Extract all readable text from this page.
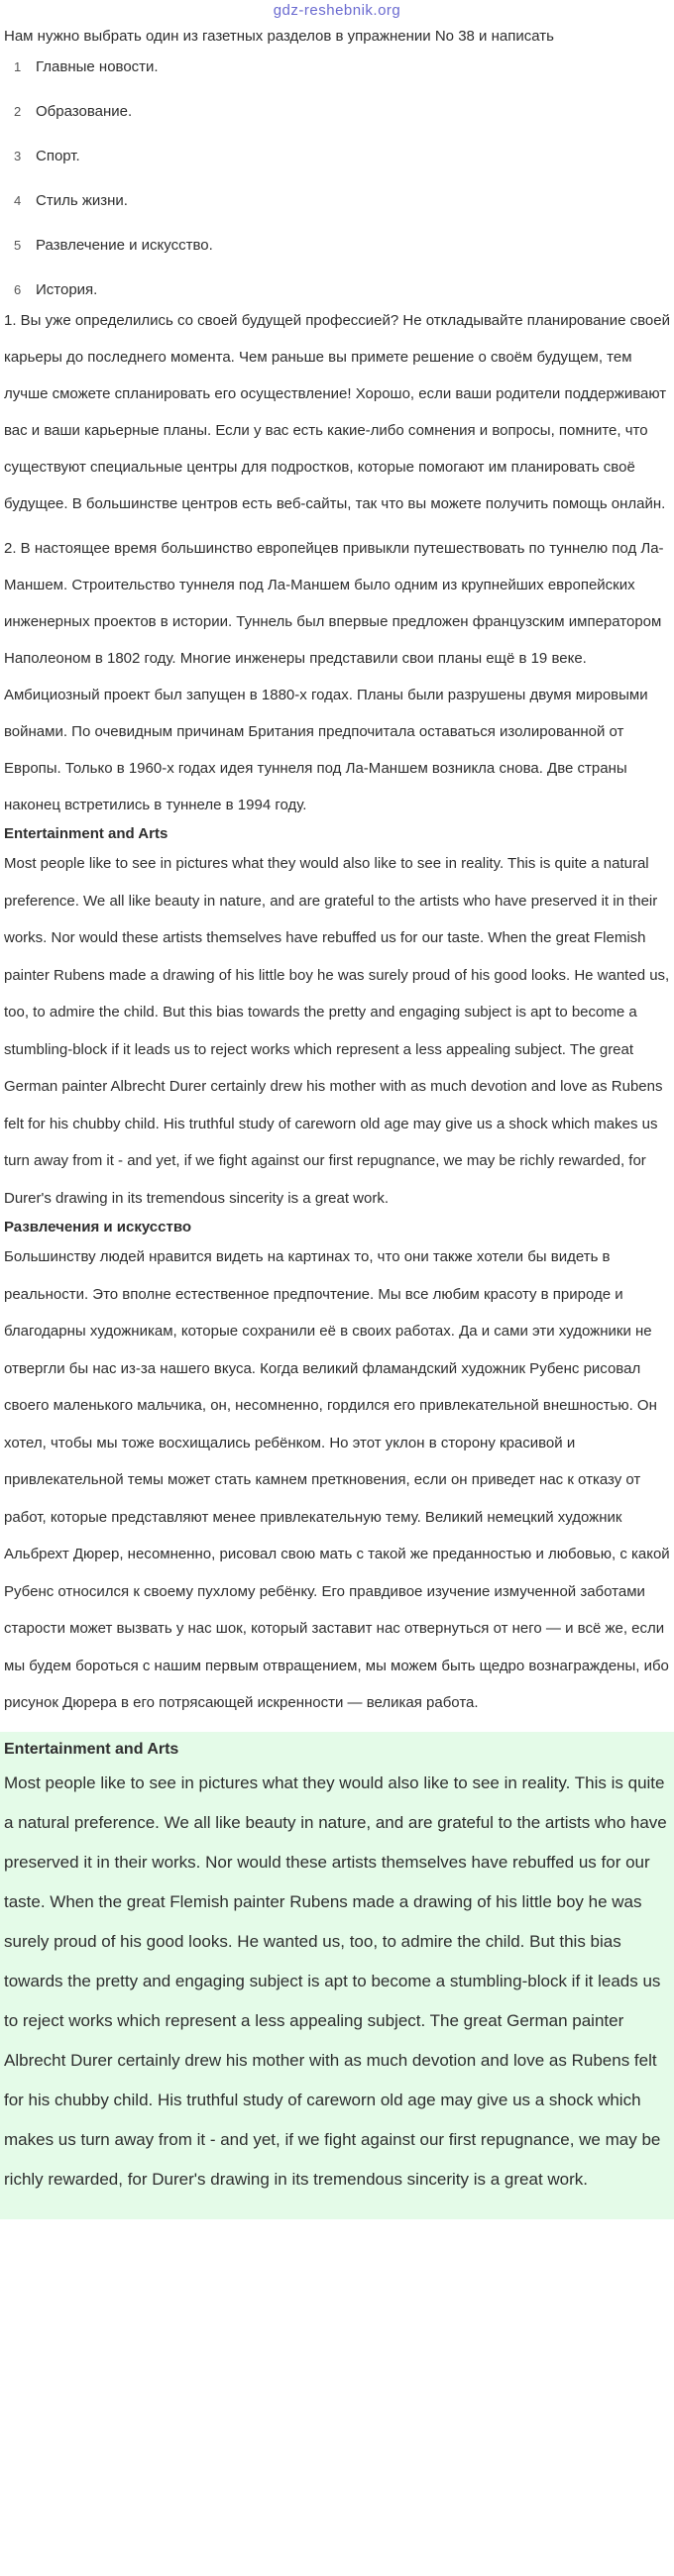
gdz-reshebnik.org
Нам нужно выбрать один из газетных разделов в упражнении No 38 и написать
1 Главные новости.
2 Образование.
3 Спорт.
4 Стиль жизни.
5 Развлечение и искусство.
6 История.

1. Вы уже определились со своей будущей профессией? Не откладывайте планирование своей карьеры до последнего момента. Чем раньше вы примете решение о своём будущем, тем лучше сможете спланировать его осуществление! Хорошо, если ваши родители поддерживают вас и ваши карьерные планы. Если у вас есть какие-либо сомнения и вопросы, помните, что существуют специальные центры для подростков, которые помогают им планировать своё будущее. В большинстве центров есть веб-сайты, так что вы можете получить помощь онлайн.

2. В настоящее время большинство европейцев привыкли путешествовать по туннелю под Ла-Маншем. Строительство туннеля под Ла-Маншем было одним из крупнейших европейских инженерных проектов в истории. Туннель был впервые предложен французским императором Наполеоном в 1802 году. Многие инженеры представили свои планы ещё в 19 веке. Амбициозный проект был запущен в 1880-х годах. Планы были разрушены двумя мировыми войнами. По очевидным причинам Британия предпочитала оставаться изолированной от Европы. Только в 1960-х годах идея туннеля под Ла-Маншем возникла снова. Две страны наконец встретились в туннеле в 1994 году.

Entertainment and Arts

Most people like to see in pictures what they would also like to see in reality. This is quite a natural preference. We all like beauty in nature, and are grateful to the artists who have preserved it in their works. Nor would these artists themselves have rebuffed us for our taste. When the great Flemish painter Rubens made a drawing of his little boy he was surely proud of his good looks. He wanted us, too, to admire the child. But this bias towards the pretty and engaging subject is apt to become a stumbling-block if it leads us to reject works which represent a less appealing subject. The great German painter Albrecht Durer certainly drew his mother with as much devotion and love as Rubens felt for his chubby child. His truthful study of careworn old age may give us a shock which makes us turn away from it - and yet, if we fight against our first repugnance, we may be richly rewarded, for Durer's drawing in its tremendous sincerity is a great work.

Развлечения и искусство

Большинству людей нравится видеть на картинах то, что они также хотели бы видеть в реальности. Это вполне естественное предпочтение. Мы все любим красоту в природе и благодарны художникам, которые сохранили её в своих работах. Да и сами эти художники не отвергли бы нас из-за нашего вкуса. Когда великий фламандский художник Рубенс рисовал своего маленького мальчика, он, несомненно, гордился его привлекательной внешностью. Он хотел, чтобы мы тоже восхищались ребёнком. Но этот уклон в сторону красивой и привлекательной темы может стать камнем преткновения, если он приведет нас к отказу от работ, которые представляют менее привлекательную тему. Великий немецкий художник Альбрехт Дюрер, несомненно, рисовал свою мать с такой же преданностью и любовью, с какой Рубенс относился к своему пухлому ребёнку. Его правдивое изучение измученной заботами старости может вызвать у нас шок, который заставит нас отвернуться от него — и всё же, если мы будем бороться с нашим первым отвращением, мы можем быть щедро вознаграждены, ибо рисунок Дюрера в его потрясающей искренности — великая работа.

Entertainment and Arts

Most people like to see in pictures what they would also like to see in reality. This is quite a natural preference. We all like beauty in nature, and are grateful to the artists who have preserved it in their works. Nor would these artists themselves have rebuffed us for our taste. When the great Flemish painter Rubens made a drawing of his little boy he was surely proud of his good looks. He wanted us, too, to admire the child. But this bias towards the pretty and engaging subject is apt to become a stumbling-block if it leads us to reject works which represent a less appealing subject. The great German painter Albrecht Durer certainly drew his mother with as much devotion and love as Rubens felt for his chubby child. His truthful study of careworn old age may give us a shock which makes us turn away from it - and yet, if we fight against our first repugnance, we may be richly rewarded, for Durer's drawing in its tremendous sincerity is a great work.
